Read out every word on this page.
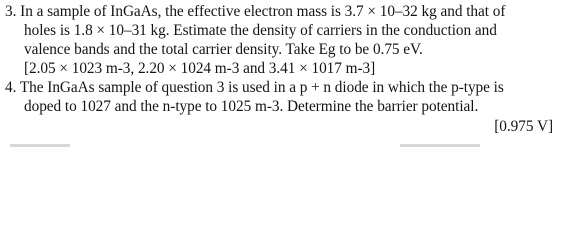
3. In a sample of InGaAs, the effective electron mass is 3.7 × 10–32 kg and that of
holes is 1.8 × 10–31 kg. Estimate the density of carriers in the conduction and
valence bands and the total carrier density. Take Eg to be 0.75 eV.
[2.05 × 1023 m-3, 2.20 × 1024 m-3 and 3.41 × 1017 m-3]
4. The InGaAs sample of question 3 is used in a p + n diode in which the p-type is
doped to 1027 and the n-type to 1025 m-3. Determine the barrier potential.
[0.975 V]
